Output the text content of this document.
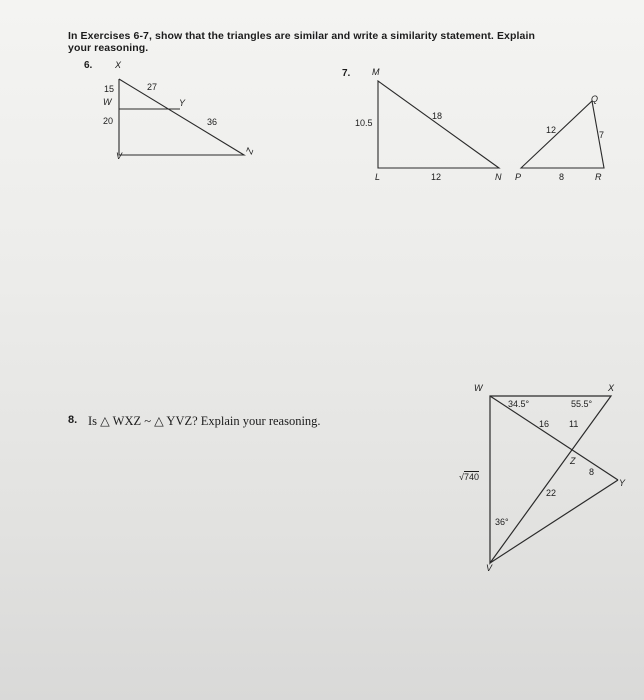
In Exercises 6-7, show that the triangles are similar and write a similarity statement. Explain
your reasoning.
6.	X
15
W
20
V
27
Y
36
Z
7. M
10.5
18
L	12	N P
Q
12	7
8	R
8. Is △ WXZ ~ △ YVZ? Explain your reasoning.
W	X
34.5°	55.5°
16 11
Z
8
Y
22
36°
V
√740
